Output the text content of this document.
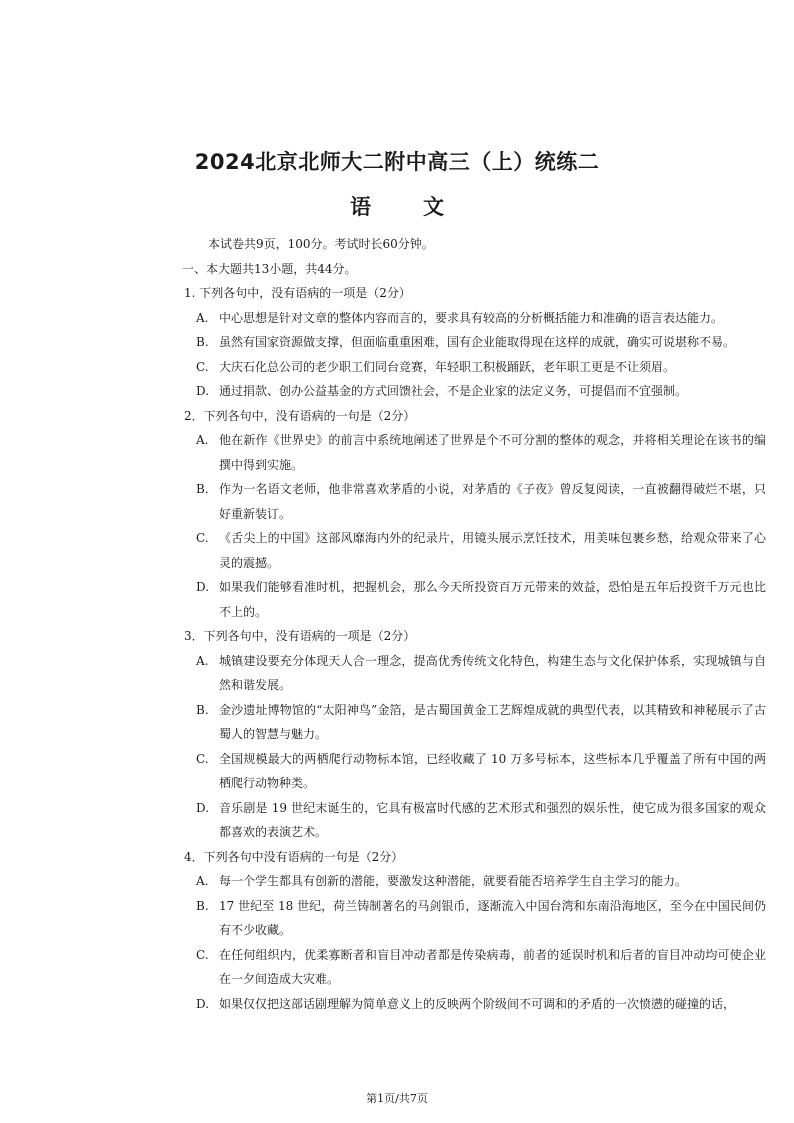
2024北京北师大二附中高三（上）统练二
语文
本试卷共9页，100分。考试时长60分钟。
一、本大题共13小题，共44分。
1. 下列各句中，没有语病的一项是（2分）
A. 中心思想是针对文章的整体内容而言的，要求具有较高的分析概括能力和准确的语言表达能力。
B. 虽然有国家资源做支撑，但面临重重困难，国有企业能取得现在这样的成就，确实可说堪称不易。
C. 大庆石化总公司的老少职工们同台竞赛，年轻职工积极踊跃，老年职工更是不让须眉。
D. 通过捐款、创办公益基金的方式回馈社会，不是企业家的法定义务，可提倡而不宜强制。
2．下列各句中，没有语病的一句是（2分）
A. 他在新作《世界史》的前言中系统地阐述了世界是个不可分割的整体的观念，并将相关理论在该书的编撰中得到实施。
B. 作为一名语文老师，他非常喜欢茅盾的小说，对茅盾的《子夜》曾反复阅读，一直被翻得破烂不堪，只好重新装订。
C. 《舌尖上的中国》这部风靡海内外的纪录片，用镜头展示烹饪技术，用美味包裹乡愁，给观众带来了心灵的震撼。
D. 如果我们能够看准时机，把握机会，那么今天所投资百万元带来的效益，恐怕是五年后投资千万元也比不上的。
3．下列各句中，没有语病的一项是（2分）
A. 城镇建设要充分体现天人合一理念，提高优秀传统文化特色，构建生态与文化保护体系，实现城镇与自然和谐发展。
B. 金沙遗址博物馆的“太阳神鸟”金箔，是古蜀国黄金工艺辉煌成就的典型代表，以其精致和神秘展示了古蜀人的智慧与魅力。
C. 全国规模最大的两栖爬行动物标本馆，已经收藏了 10 万多号标本，这些标本几乎覆盖了所有中国的两栖爬行动物种类。
D. 音乐剧是 19 世纪末诞生的，它具有极富时代感的艺术形式和强烈的娱乐性，使它成为很多国家的观众都喜欢的表演艺术。
4．下列各句中没有语病的一句是（2分）
A. 每一个学生都具有创新的潜能，要激发这种潜能，就要看能否培养学生自主学习的能力。
B. 17 世纪至 18 世纪，荷兰铸制著名的马剑银币，逐渐流入中国台湾和东南沿海地区，至今在中国民间仍有不少收藏。
C. 在任何组织内，优柔寡断者和盲目冲动者都是传染病毒，前者的延误时机和后者的盲目冲动均可使企业在一夕间造成大灾难。
D. 如果仅仅把这部话剧理解为简单意义上的反映两个阶级间不可调和的矛盾的一次愤懑的碰撞的话，
第1页/共7页
